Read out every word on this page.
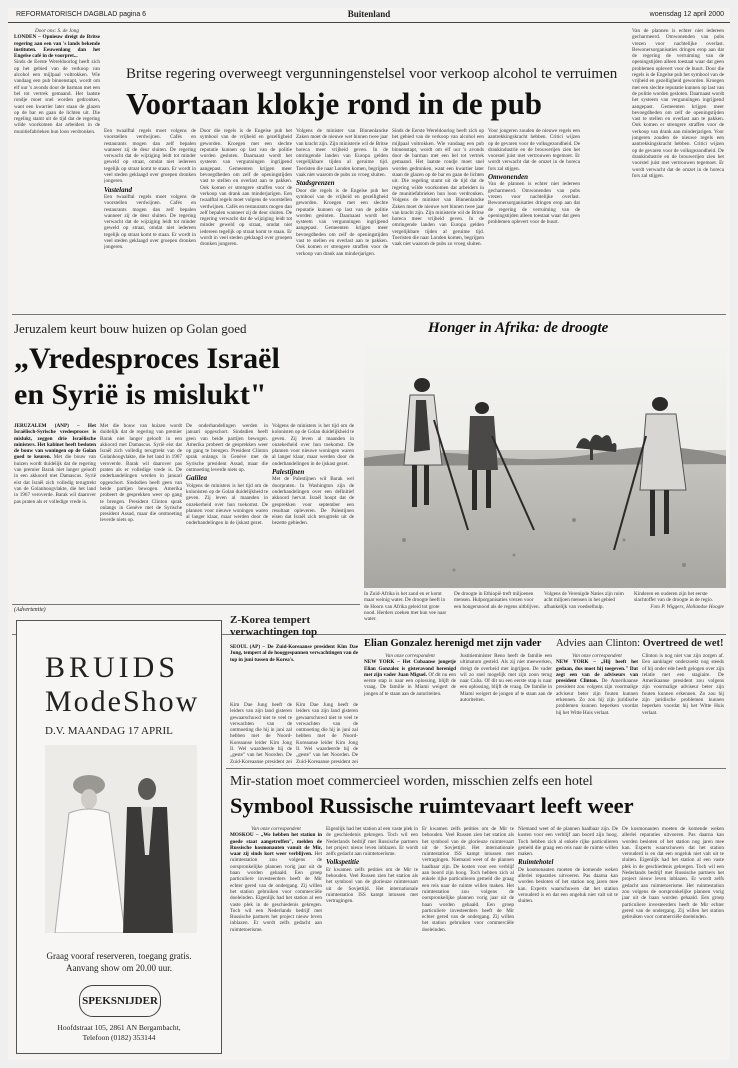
REFORMATORISCH DAGBLAD pagina 6	Buitenland	woensdag 12 april 2000
Door ons: S. de Jong
LONDEN – Opnieuw dreigt de Britse regering aan een van 's lands bekende instituten. Eeuwenlang dan het Engelse café in de voorpret...
Sinds de Eerste Wereldoorlog heeft zich op het gebied van de verkoop van alcohol een mijlpaal voltrokken. Wie vandaag een pub binnenstapt, wordt om elf uur 's avonds door de barman met een bel tot vertrek gemaand. Het laatste rondje moet snel worden gedronken, want een kwartier later staan de glazen op de bar en gaan de lichten uit. Die regeling stamt uit de tijd dat de regering wilde voorkomen dat arbeiders in de munitiefabrieken hun loon verdronken.
Britse regering overweegt vergunningenstelsel voor verkoop alcohol te verruimen
Voortaan klokje rond in de pub
Een twaalftal regels moet volgens de voorstellen verdwijnen. Cafés en restaurants mogen dan zelf bepalen wanneer zij de deur sluiten. De regering verwacht dat de wijziging leidt tot minder geweld op straat, omdat niet iedereen tegelijk op straat komt te staan. Er wordt in veel steden geklaagd over groepen dronken jongeren.
Vasteland
Een twaalftal regels moet volgens de voorstellen verdwijnen. Cafés en restaurants mogen dan zelf bepalen wanneer zij de deur sluiten. De regering verwacht dat de wijziging leidt tot minder geweld op straat, omdat niet iedereen tegelijk op straat komt te staan. Er wordt in veel steden geklaagd over groepen dronken jongeren.
Door die regels is de Engelse pub het symbool van de vrijheid en gezelligheid geworden. Kroegen met een slechte reputatie kunnen op last van de politie worden gesloten. Daarnaast wordt het systeem van vergunningen ingrijpend aangepast. Gemeenten krijgen meer bevoegdheden om zelf de openingstijden vast te stellen en overlast aan te pakken. Ook komen er strengere straffen voor de verkoop van drank aan minderjarigen. Een twaalftal regels moet volgens de voorstellen verdwijnen. Cafés en restaurants mogen dan zelf bepalen wanneer zij de deur sluiten. De regering verwacht dat de wijziging leidt tot minder geweld op straat, omdat niet iedereen tegelijk op straat komt te staan. Er wordt in veel steden geklaagd over groepen dronken jongeren.
Volgens de minister van Binnenlandse Zaken moet de nieuwe wet binnen twee jaar van kracht zijn. Zijn ministerie wil de Britse horeca meer vrijheid geven. In de omringende landen van Europa gelden vergelijkbare tijden al geruime tijd. Toeristen die naar Londen komen, begrijpen vaak niet waarom de pubs zo vroeg sluiten.
Stadsgrenzen
Door die regels is de Engelse pub het symbool van de vrijheid en gezelligheid geworden. Kroegen met een slechte reputatie kunnen op last van de politie worden gesloten. Daarnaast wordt het systeem van vergunningen ingrijpend aangepast. Gemeenten krijgen meer bevoegdheden om zelf de openingstijden vast te stellen en overlast aan te pakken. Ook komen er strengere straffen voor de verkoop van drank aan minderjarigen.
Sinds de Eerste Wereldoorlog heeft zich op het gebied van de verkoop van alcohol een mijlpaal voltrokken. Wie vandaag een pub binnenstapt, wordt om elf uur 's avonds door de barman met een bel tot vertrek gemaand. Het laatste rondje moet snel worden gedronken, want een kwartier later staan de glazen op de bar en gaan de lichten uit. Die regeling stamt uit de tijd dat de regering wilde voorkomen dat arbeiders in de munitiefabrieken hun loon verdronken. Volgens de minister van Binnenlandse Zaken moet de nieuwe wet binnen twee jaar van kracht zijn. Zijn ministerie wil de Britse horeca meer vrijheid geven. In de omringende landen van Europa gelden vergelijkbare tijden al geruime tijd. Toeristen die naar Londen komen, begrijpen vaak niet waarom de pubs zo vroeg sluiten.
Voor jongeren zouden de nieuwe regels een aantrekkingskracht hebben. Critici wijzen op de gevaren voor de volksgezondheid. De drankindustrie en de brouwerijen zien het voorstel juist met vertrouwen tegemoet. Er wordt verwacht dat de omzet in de horeca fors zal stijgen.
Omwonenden
Van de plannen is echter niet iedereen gecharmeerd. Omwonenden van pubs vrezen voor nachtelijke overlast. Bewonersorganisaties dringen erop aan dat de regering de verruiming van de openingstijden alleen toestaat waar dat geen problemen oplevert voor de buurt.
Van de plannen is echter niet iedereen gecharmeerd. Omwonenden van pubs vrezen voor nachtelijke overlast. Bewonersorganisaties dringen erop aan dat de regering de verruiming van de openingstijden alleen toestaat waar dat geen problemen oplevert voor de buurt. Door die regels is de Engelse pub het symbool van de vrijheid en gezelligheid geworden. Kroegen met een slechte reputatie kunnen op last van de politie worden gesloten. Daarnaast wordt het systeem van vergunningen ingrijpend aangepast. Gemeenten krijgen meer bevoegdheden om zelf de openingstijden vast te stellen en overlast aan te pakken. Ook komen er strengere straffen voor de verkoop van drank aan minderjarigen. Voor jongeren zouden de nieuwe regels een aantrekkingskracht hebben. Critici wijzen op de gevaren voor de volksgezondheid. De drankindustrie en de brouwerijen zien het voorstel juist met vertrouwen tegemoet. Er wordt verwacht dat de omzet in de horeca fors zal stijgen.
Jeruzalem keurt bouw huizen op Golan goed
„Vredesproces Israël
en Syrië is mislukt"
JERUZALEM (ANP) – Het Israëlisch-Syrische vredesproces is mislukt, zeggen drie Israëlische ministers. Het kabinet heeft besloten de bouw van woningen op de Golan goed te keuren. Met die bouw van huizen wordt duidelijk dat de regering van premier Barak niet langer gelooft in een akkoord met Damascus. Syrië eist dat Israël zich volledig terugtrekt van de Golanhoogvlakte, die het land in 1967 veroverde. Barak wil daarover pas praten als er volledige vrede is.
Met die bouw van huizen wordt duidelijk dat de regering van premier Barak niet langer gelooft in een akkoord met Damascus. Syrië eist dat Israël zich volledig terugtrekt van de Golanhoogvlakte, die het land in 1967 veroverde. Barak wil daarover pas praten als er volledige vrede is. De onderhandelingen werden in januari opgeschort. Sindsdien heeft geen van beide partijen bewogen. Amerika probeert de gesprekken weer op gang te brengen. President Clinton sprak onlangs in Genève met de Syrische president Assad, maar die ontmoeting leverde niets op.
De onderhandelingen werden in januari opgeschort. Sindsdien heeft geen van beide partijen bewogen. Amerika probeert de gesprekken weer op gang te brengen. President Clinton sprak onlangs in Genève met de Syrische president Assad, maar die ontmoeting leverde niets op.
Galilea
Volgens de ministers is het tijd om de kolonisten op de Golan duidelijkheid te geven. Zij leven al maanden in onzekerheid over hun toekomst. De plannen voor nieuwe woningen waren al langer klaar, maar werden door de onderhandelingen in de ijskast gezet.
Volgens de ministers is het tijd om de kolonisten op de Golan duidelijkheid te geven. Zij leven al maanden in onzekerheid over hun toekomst. De plannen voor nieuwe woningen waren al langer klaar, maar werden door de onderhandelingen in de ijskast gezet.
Palestijnen
Met de Palestijnen wil Barak wel doorpraten. In Washington zijn de onderhandelingen over een definitief akkoord hervat. Israël hoopt dat de gesprekken voor september een resultaat opleveren. De Palestijnen eisen dat Israël zich terugtrekt uit de bezette gebieden.
Honger in Afrika: de droogte
In Zuid-Afrika is het zand en er komt maar weinig water. De droogte heeft in de Hoorn van Afrika geleid tot grote nood. Herders zoeken met hun vee naar water.
De droogte in Ethiopië treft miljoenen mensen. Hulporganisaties vrezen voor een hongersnood als de regens uitblijven.
Volgens de Verenigde Naties zijn ruim acht miljoen mensen in het gebied afhankelijk van voedselhulp.
Kinderen en ouderen zijn het eerste slachtoffer van de droogte in de regio.
Foto P. Wiggers, Hollandse Hoogte
(Advertentie)
BRUIDS
ModeShow
D.V. MAANDAG 17 APRIL
Graag vooraf reserveren, toegang gratis.
Aanvang show om 20.00 uur.
SPEKSNIJDER
Hoofdstraat 105, 2861 AN Bergambacht,
Telefoon (0182) 353144
Z-Korea tempert verwachtingen top
SEOUL (AP) – De Zuid-Koreaanse president Kim Dae Jung, tempert al de hooggespannen verwachtingen van de top in juni tussen de Korea's.
Kim Dae Jung heeft de leiders van zijn land gisteren gewaarschuwd niet te veel te verwachten van de ontmoeting die hij in juni zal hebben met de Noord-Koreaanse leider Kim Jong Il. Wel waardeerde hij de „geste" van het Noorden. De Zuid-Koreaanse president zei
Kim Dae Jung heeft de leiders van zijn land gisteren gewaarschuwd niet te veel te verwachten van de ontmoeting die hij in juni zal hebben met de Noord-Koreaanse leider Kim Jong Il. Wel waardeerde hij de „geste" van het Noorden. De Zuid-Koreaanse president zei
Elian Gonzalez herenigd met zijn vader
Van onze correspondent
NEW YORK – Het Cubaanse jongetje Elian Gonzalez is gisteravond herenigd met zijn vader Juan Miguel. Of dit nu een eerste stap is naar een oplossing, blijft de vraag. De familie in Miami weigert de jongen af te staan aan de autoriteiten.
Justitieminister Reno heeft de familie een ultimatum gesteld. Als zij niet meewerken, dreigt de overheid met ingrijpen. De vader wil zo snel mogelijk met zijn zoon terug naar Cuba. Of dit nu een eerste stap is naar een oplossing, blijft de vraag. De familie in Miami weigert de jongen af te staan aan de autoriteiten.
Advies aan Clinton: Overtreed de wet!
Van onze correspondent
NEW YORK – „Hij heeft het gedaan, dus moet hij toegeven." Dat zegt een van de adviseurs van president Clinton. De Amerikaanse president zou volgens zijn voormalige adviseur beter zijn fouten kunnen erkennen. Zo zou hij zijn juridische problemen kunnen beperken voordat hij het Witte Huis verlaat.
Clinton is nog niet van zijn zorgen af. Een aanklager onderzoekt nog steeds of hij onder ede heeft gelogen over zijn relatie met een stagiaire. De Amerikaanse president zou volgens zijn voormalige adviseur beter zijn fouten kunnen erkennen. Zo zou hij zijn juridische problemen kunnen beperken voordat hij het Witte Huis verlaat.
Mir-station moet commercieel worden, misschien zelfs een hotel
Symbool Russische ruimtevaart leeft weer
Van onze correspondent
MOSKOU – „We hebben het station in goede staat aangetroffen", melden de Russische kosmonauten vanuit de Mir, waar zij sinds kort weer verblijven. Het ruimtestation zou volgens de oorspronkelijke plannen vorig jaar uit de baan worden gehaald. Een groep particuliere investeerders heeft de Mir echter gered van de ondergang. Zij willen het station gebruiken voor commerciële doeleinden. Eigenlijk had het station al een vaste plek in de geschiedenis gekregen. Toch wil een Nederlands bedrijf met Russische partners het project nieuw leven inblazen. Er wordt zelfs gedacht aan ruimtetoerisme.
Eigenlijk had het station al een vaste plek in de geschiedenis gekregen. Toch wil een Nederlands bedrijf met Russische partners het project nieuw leven inblazen. Er wordt zelfs gedacht aan ruimtetoerisme.
Volkspetitie
Er kwamen zelfs petities om de Mir te behouden. Veel Russen zien het station als het symbool van de glorieuze ruimtevaart uit de Sovjettijd. Het internationale ruimtestation ISS kampt intussen met vertragingen.
Er kwamen zelfs petities om de Mir te behouden. Veel Russen zien het station als het symbool van de glorieuze ruimtevaart uit de Sovjettijd. Het internationale ruimtestation ISS kampt intussen met vertragingen. Niemand weet of de plannen haalbaar zijn. De kosten voor een verblijf aan boord zijn hoog. Toch hebben zich al enkele rijke particulieren gemeld die graag een reis naar de ruimte willen maken. Het ruimtestation zou volgens de oorspronkelijke plannen vorig jaar uit de baan worden gehaald. Een groep particuliere investeerders heeft de Mir echter gered van de ondergang. Zij willen het station gebruiken voor commerciële doeleinden.
Niemand weet of de plannen haalbaar zijn. De kosten voor een verblijf aan boord zijn hoog. Toch hebben zich al enkele rijke particulieren gemeld die graag een reis naar de ruimte willen maken.
Ruimtehotel
De kosmonauten moeten de komende weken allerlei reparaties uitvoeren. Pas daarna kan worden besloten of het station nog jaren mee kan. Experts waarschuwen dat het station verouderd is en dat een ongeluk niet valt uit te sluiten.
De kosmonauten moeten de komende weken allerlei reparaties uitvoeren. Pas daarna kan worden besloten of het station nog jaren mee kan. Experts waarschuwen dat het station verouderd is en dat een ongeluk niet valt uit te sluiten. Eigenlijk had het station al een vaste plek in de geschiedenis gekregen. Toch wil een Nederlands bedrijf met Russische partners het project nieuw leven inblazen. Er wordt zelfs gedacht aan ruimtetoerisme. Het ruimtestation zou volgens de oorspronkelijke plannen vorig jaar uit de baan worden gehaald. Een groep particuliere investeerders heeft de Mir echter gered van de ondergang. Zij willen het station gebruiken voor commerciële doeleinden.
